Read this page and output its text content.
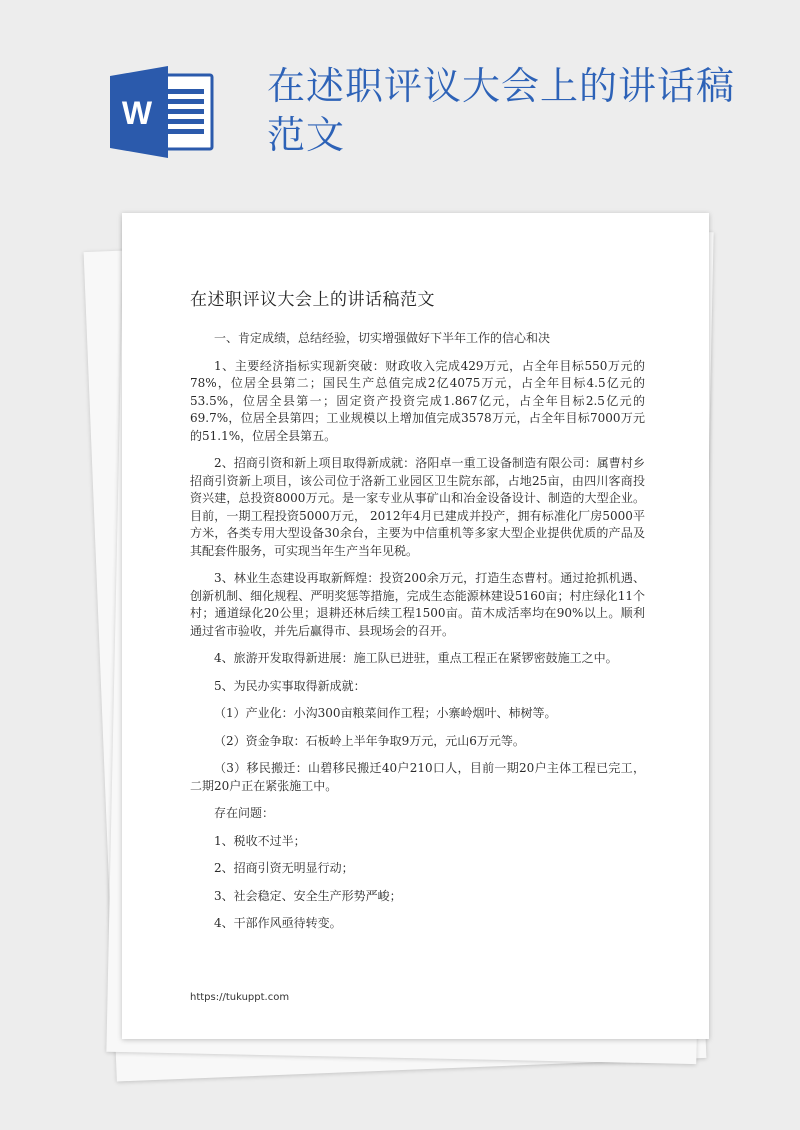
W
在述职评议大会上的讲话稿范文
在述职评议大会上的讲话稿范文

一、肯定成绩，总结经验，切实增强做好下半年工作的信心和决

1、主要经济指标实现新突破：财政收入完成429万元，占全年目标550万元的78%，位居全县第二；国民生产总值完成2亿4075万元，占全年目标4.5亿元的53.5%，位居全县第一；固定资产投资完成1.867亿元，占全年目标2.5亿元的69.7%，位居全县第四；工业规模以上增加值完成3578万元，占全年目标7000万元的51.1%，位居全县第五。

2、招商引资和新上项目取得新成就：洛阳卓一重工设备制造有限公司：属曹村乡招商引资新上项目，该公司位于洛新工业园区卫生院东部，占地25亩，由四川客商投资兴建，总投资8000万元。是一家专业从事矿山和冶金设备设计、制造的大型企业。目前，一期工程投资5000万元， 2012年4月已建成并投产，拥有标准化厂房5000平方米，各类专用大型设备30余台，主要为中信重机等多家大型企业提供优质的产品及其配套件服务，可实现当年生产当年见税。

3、林业生态建设再取新辉煌：投资200余万元，打造生态曹村。通过抢抓机遇、创新机制、细化规程、严明奖惩等措施，完成生态能源林建设5160亩；村庄绿化11个村；通道绿化20公里；退耕还林后续工程1500亩。苗木成活率均在90%以上。顺利通过省市验收，并先后赢得市、县现场会的召开。

4、旅游开发取得新进展：施工队已进驻，重点工程正在紧锣密鼓施工之中。

5、为民办实事取得新成就：

（1）产业化：小沟300亩粮菜间作工程；小寨岭烟叶、柿树等。

（2）资金争取：石板岭上半年争取9万元，元山6万元等。

（3）移民搬迁：山碧移民搬迁40户210口人，目前一期20户主体工程已完工，二期20户正在紧张施工中。

存在问题：

1、税收不过半；

2、招商引资无明显行动；

3、社会稳定、安全生产形势严峻；

4、干部作风亟待转变。

https://tukuppt.com
